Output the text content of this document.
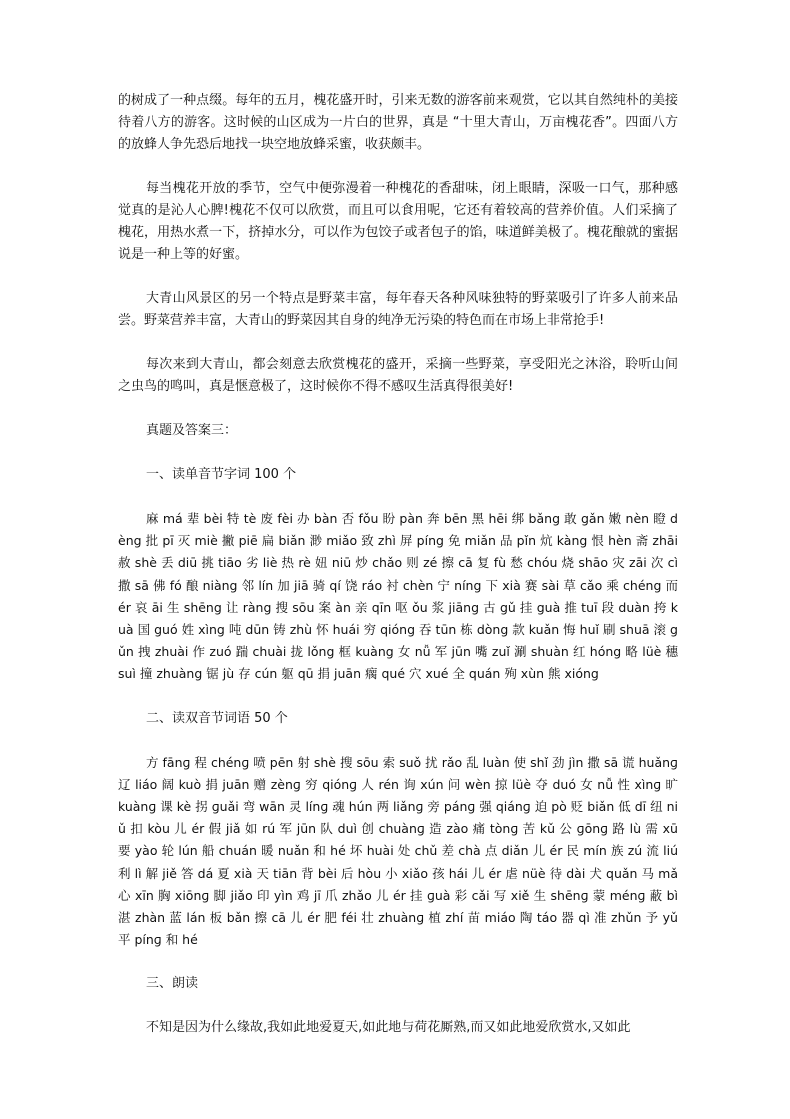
的树成了一种点缀。每年的五月，槐花盛开时，引来无数的游客前来观赏，它以其自然纯朴的美接待着八方的游客。这时候的山区成为一片白的世界，真是 “十里大青山，万亩槐花香”。四面八方的放蜂人争先恐后地找一块空地放蜂采蜜，收获颇丰。

每当槐花开放的季节，空气中便弥漫着一种槐花的香甜味，闭上眼睛，深吸一口气，那种感觉真的是沁人心脾!槐花不仅可以欣赏，而且可以食用呢，它还有着较高的营养价值。人们采摘了槐花，用热水煮一下，挤掉水分，可以作为包饺子或者包子的馅，味道鲜美极了。槐花酿就的蜜据说是一种上等的好蜜。

大青山风景区的另一个特点是野菜丰富，每年春天各种风味独特的野菜吸引了许多人前来品尝。野菜营养丰富，大青山的野菜因其自身的纯净无污染的特色而在市场上非常抢手!

每次来到大青山，都会刻意去欣赏槐花的盛开，采摘一些野菜，享受阳光之沐浴，聆听山间之虫鸟的鸣叫，真是惬意极了，这时候你不得不感叹生活真得很美好!

真题及答案三：
一、读单音节字词 100 个

麻 má 辈 bèi 特 tè 废 fèi 办 bàn 否 fǒu 盼 pàn 奔 bēn 黑 hēi 绑 bǎng 敢 gǎn 嫩 nèn 瞪 dèng 批 pī 灭 miè 撇 piē 扁 biǎn 渺 miǎo 致 zhì 屏 píng 免 miǎn 品 pǐn 炕 kàng 恨 hèn 斋 zhāi 赦 shè 丢 diū 挑 tiāo 劣 liè 热 rè 妞 niū 炒 chǎo 则 zé 擦 cā 复 fù 愁 chóu 烧 shāo 灾 zāi 次 cì 撒 sā 佛 fó 酿 niàng 邻 lín 加 jiā 骑 qí 饶 ráo 衬 chèn 宁 níng 下 xià 赛 sài 草 cǎo 乘 chéng 而 ér 哀 āi 生 shēng 让 ràng 搜 sōu 案 àn 亲 qīn 呕 ǒu 浆 jiāng 古 gǔ 挂 guà 推 tuī 段 duàn 挎 kuà 国 guó 姓 xìng 吨 dūn 铸 zhù 怀 huái 穷 qióng 吞 tūn 栋 dòng 款 kuǎn 悔 huǐ 刷 shuā 滚 gǔn 拽 zhuài 作 zuó 踹 chuài 拢 lǒng 框 kuàng 女 nǚ 军 jūn 嘴 zuǐ 涮 shuàn 红 hóng 略 lüè 穗 suì 撞 zhuàng 锯 jù 存 cún 躯 qū 捐 juān 瘸 qué 穴 xué 全 quán 殉 xùn 熊 xióng

二、读双音节词语 50 个

方 fānɡ 程 chénɡ 喷 pēn 射 shè 搜 sōu 索 suǒ 扰 rǎo 乱 luàn 使 shǐ 劲 jìn 撒 sā 谎 huǎnɡ 辽 liáo 阔 kuò 捐 juān 赠 zènɡ 穷 qiónɡ 人 rén 询 xún 问 wèn 掠 lüè 夺 duó 女 nǚ 性 xìnɡ 旷 kuànɡ 课 kè 拐 ɡuǎi 弯 wān 灵 línɡ 魂 hún 两 liǎnɡ 旁 pánɡ 强 qiánɡ 迫 pò 贬 biǎn 低 dī 纽 niǔ 扣 kòu 儿 ér 假 jiǎ 如 rú 军 jūn 队 duì 创 chuànɡ 造 zào 痛 tònɡ 苦 kǔ 公 ɡōnɡ 路 lù 需 xū 要 yào 轮 lún 船 chuán 暖 nuǎn 和 hé 坏 huài 处 chǔ 差 chà 点 diǎn 儿 ér 民 mín 族 zú 流 liú 利 lì 解 jiě 答 dá 夏 xià 天 tiān 背 bèi 后 hòu 小 xiǎo 孩 hái 儿 ér 虐 nüè 待 dài 犬 quǎn 马 mǎ 心 xīn 胸 xiōnɡ 脚 jiǎo 印 yìn 鸡 jī 爪 zhǎo 儿 ér 挂 ɡuà 彩 cǎi 写 xiě 生 shēnɡ 蒙 ménɡ 蔽 bì 湛 zhàn 蓝 lán 板 bǎn 擦 cā 儿 ér 肥 féi 壮 zhuànɡ 植 zhí 苗 miáo 陶 táo 器 qì 准 zhǔn 予 yǔ 平 pínɡ 和 hé

三、朗读

不知是因为什么缘故,我如此地爱夏天,如此地与荷花厮熟,而又如此地爱欣赏水,又如此
